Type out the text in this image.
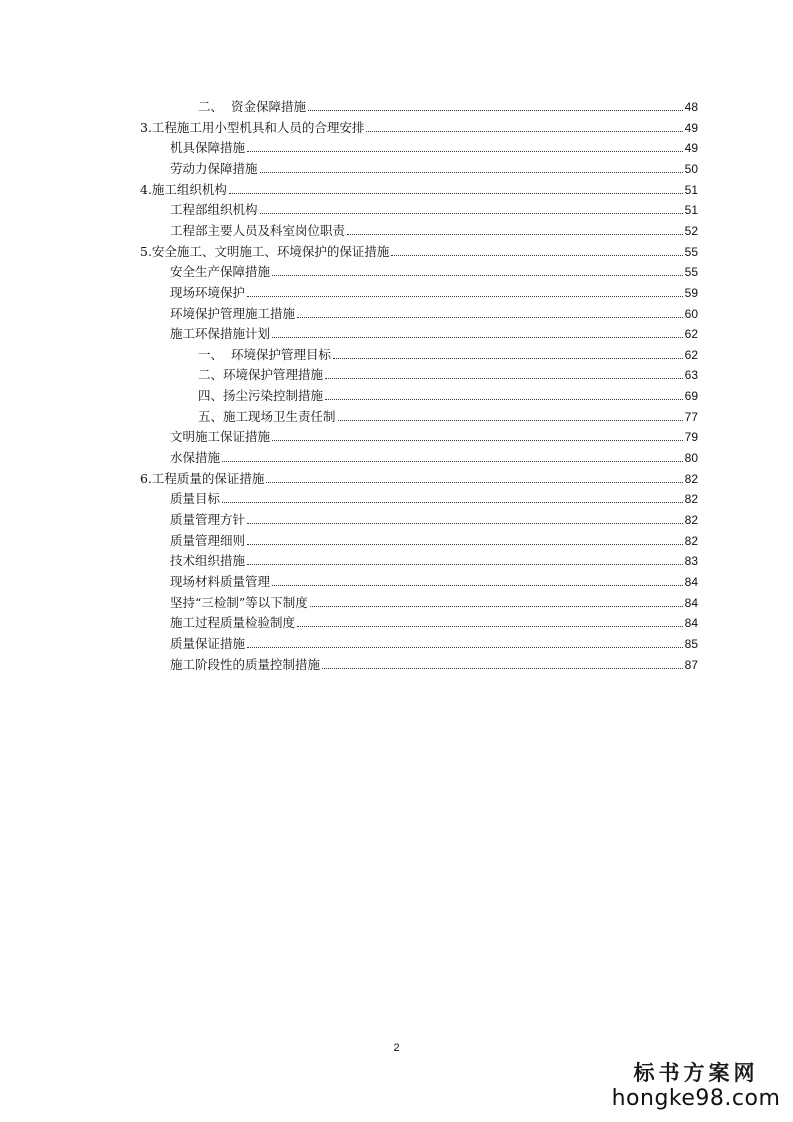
二、  资金保障措施	48
3.工程施工用小型机具和人员的合理安排	49
机具保障措施	49
劳动力保障措施	50
4.施工组织机构	51
工程部组织机构	51
工程部主要人员及科室岗位职责	52
5.安全施工、文明施工、环境保护的保证措施	55
安全生产保障措施	55
现场环境保护	59
环境保护管理施工措施	60
施工环保措施计划	62
一、  环境保护管理目标	62
二、环境保护管理措施	63
四、扬尘污染控制措施	69
五、施工现场卫生责任制	77
文明施工保证措施	79
水保措施	80
6.工程质量的保证措施	82
质量目标	82
质量管理方针	82
质量管理细则	82
技术组织措施	83
现场材料质量管理	84
坚持“三检制”等以下制度	84
施工过程质量检验制度	84
质量保证措施	85
施工阶段性的质量控制措施	87
2
标书方案网
hongke98.com
